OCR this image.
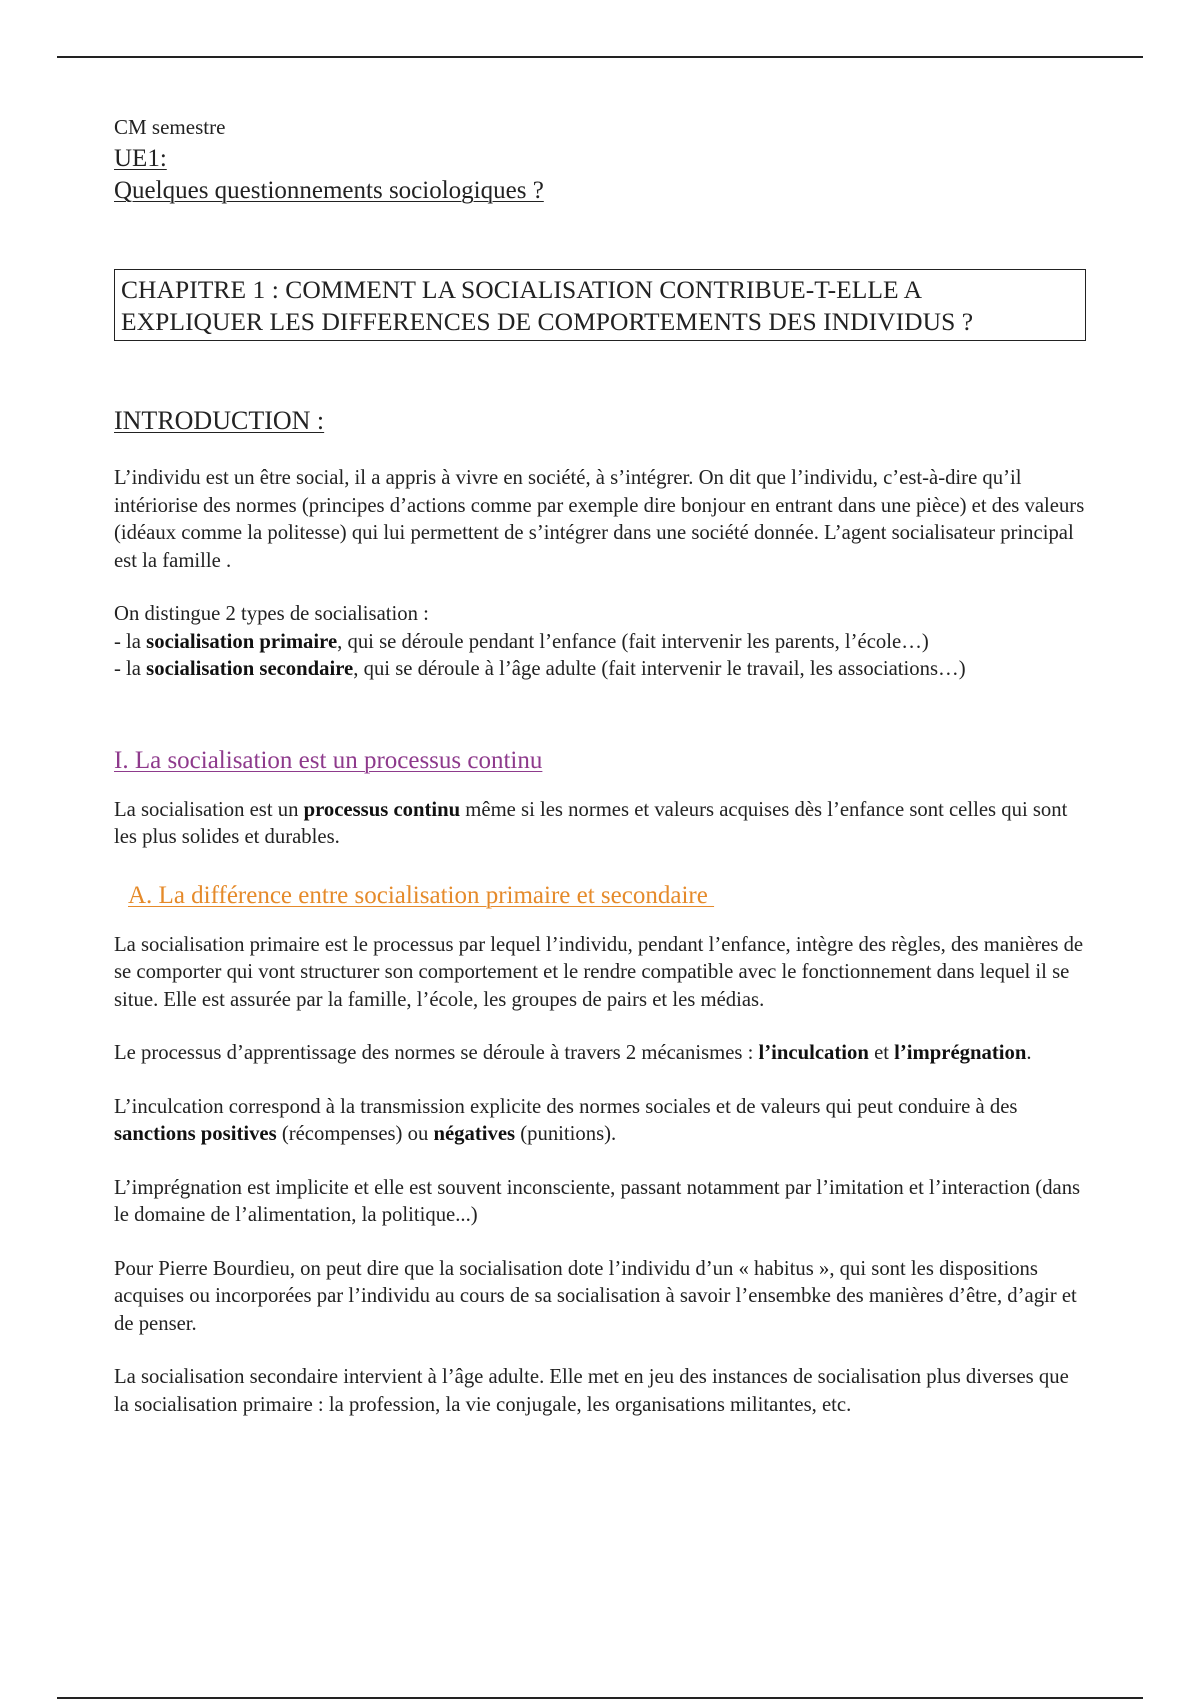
CM semestre
UE1:
Quelques questionnements sociologiques ?
CHAPITRE 1 : COMMENT LA SOCIALISATION CONTRIBUE-T-ELLE A
EXPLIQUER LES DIFFERENCES DE COMPORTEMENTS DES INDIVIDUS ?
INTRODUCTION :

L’individu est un être social, il a appris à vivre en société, à s’intégrer. On dit que l’individu, c’est-à-dire qu’il intériorise des normes (principes d’actions comme par exemple dire bonjour en entrant dans une pièce) et des valeurs (idéaux comme la politesse) qui lui permettent de s’intégrer dans une société donnée. L’agent socialisateur principal est la famille .

On distingue 2 types de socialisation :

- la socialisation primaire, qui se déroule pendant l’enfance (fait intervenir les parents, l’école…)

- la socialisation secondaire, qui se déroule à l’âge adulte (fait intervenir le travail, les associations…)

I. La socialisation est un processus continu

La socialisation est un processus continu même si les normes et valeurs acquises dès l’enfance sont celles qui sont les plus solides et durables.

A. La différence entre socialisation primaire et secondaire

La socialisation primaire est le processus par lequel l’individu, pendant l’enfance, intègre des règles, des manières de se comporter qui vont structurer son comportement et le rendre compatible avec le fonctionnement dans lequel il se situe. Elle est assurée par la famille, l’école, les groupes de pairs et les médias.

Le processus d’apprentissage des normes se déroule à travers 2 mécanismes : l’inculcation et l’imprégnation.

L’inculcation correspond à la transmission explicite des normes sociales et de valeurs qui peut conduire à des sanctions positives (récompenses) ou négatives (punitions).

L’imprégnation est implicite et elle est souvent inconsciente, passant notamment par l’imitation et l’interaction (dans le domaine de l’alimentation, la politique...)

Pour Pierre Bourdieu, on peut dire que la socialisation dote l’individu d’un « habitus », qui sont les dispositions acquises ou incorporées par l’individu au cours de sa socialisation à savoir l’ensembke des manières d’être, d’agir et de penser.

La socialisation secondaire intervient à l’âge adulte. Elle met en jeu des instances de socialisation plus diverses que la socialisation primaire : la profession, la vie conjugale, les organisations militantes, etc.
